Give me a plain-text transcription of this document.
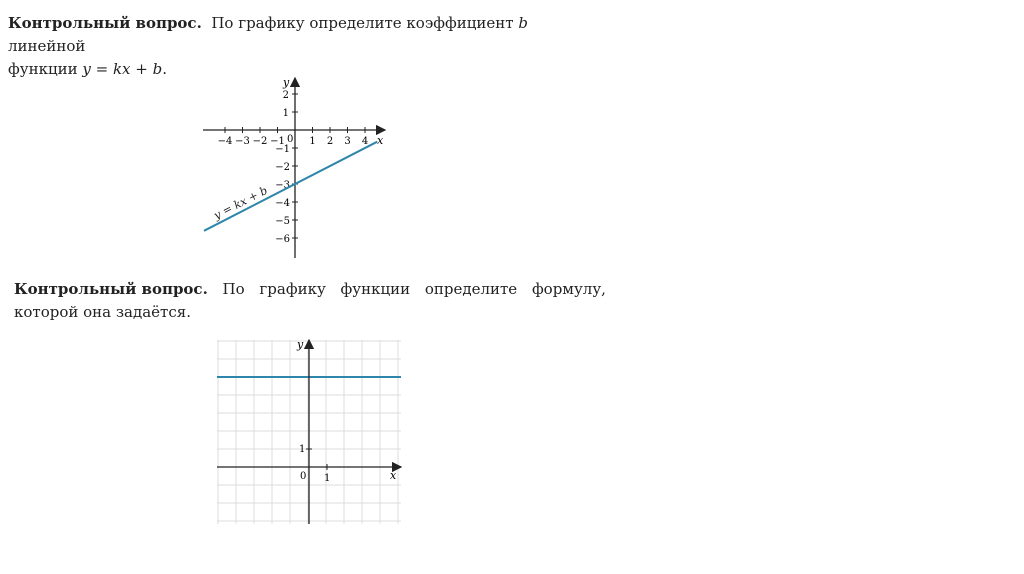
Контрольный вопрос. По графику определите коэффициент b линейной
функции y = kx + b.
x
y
0
−4 −3 −2 −1 1 2 3 4
2
1
−1
−2
−3
−4
−5
−6
y = kx + b
Контрольный вопрос. По графику функции определите формулу,
которой она задаётся.
x
y
0 1
1
